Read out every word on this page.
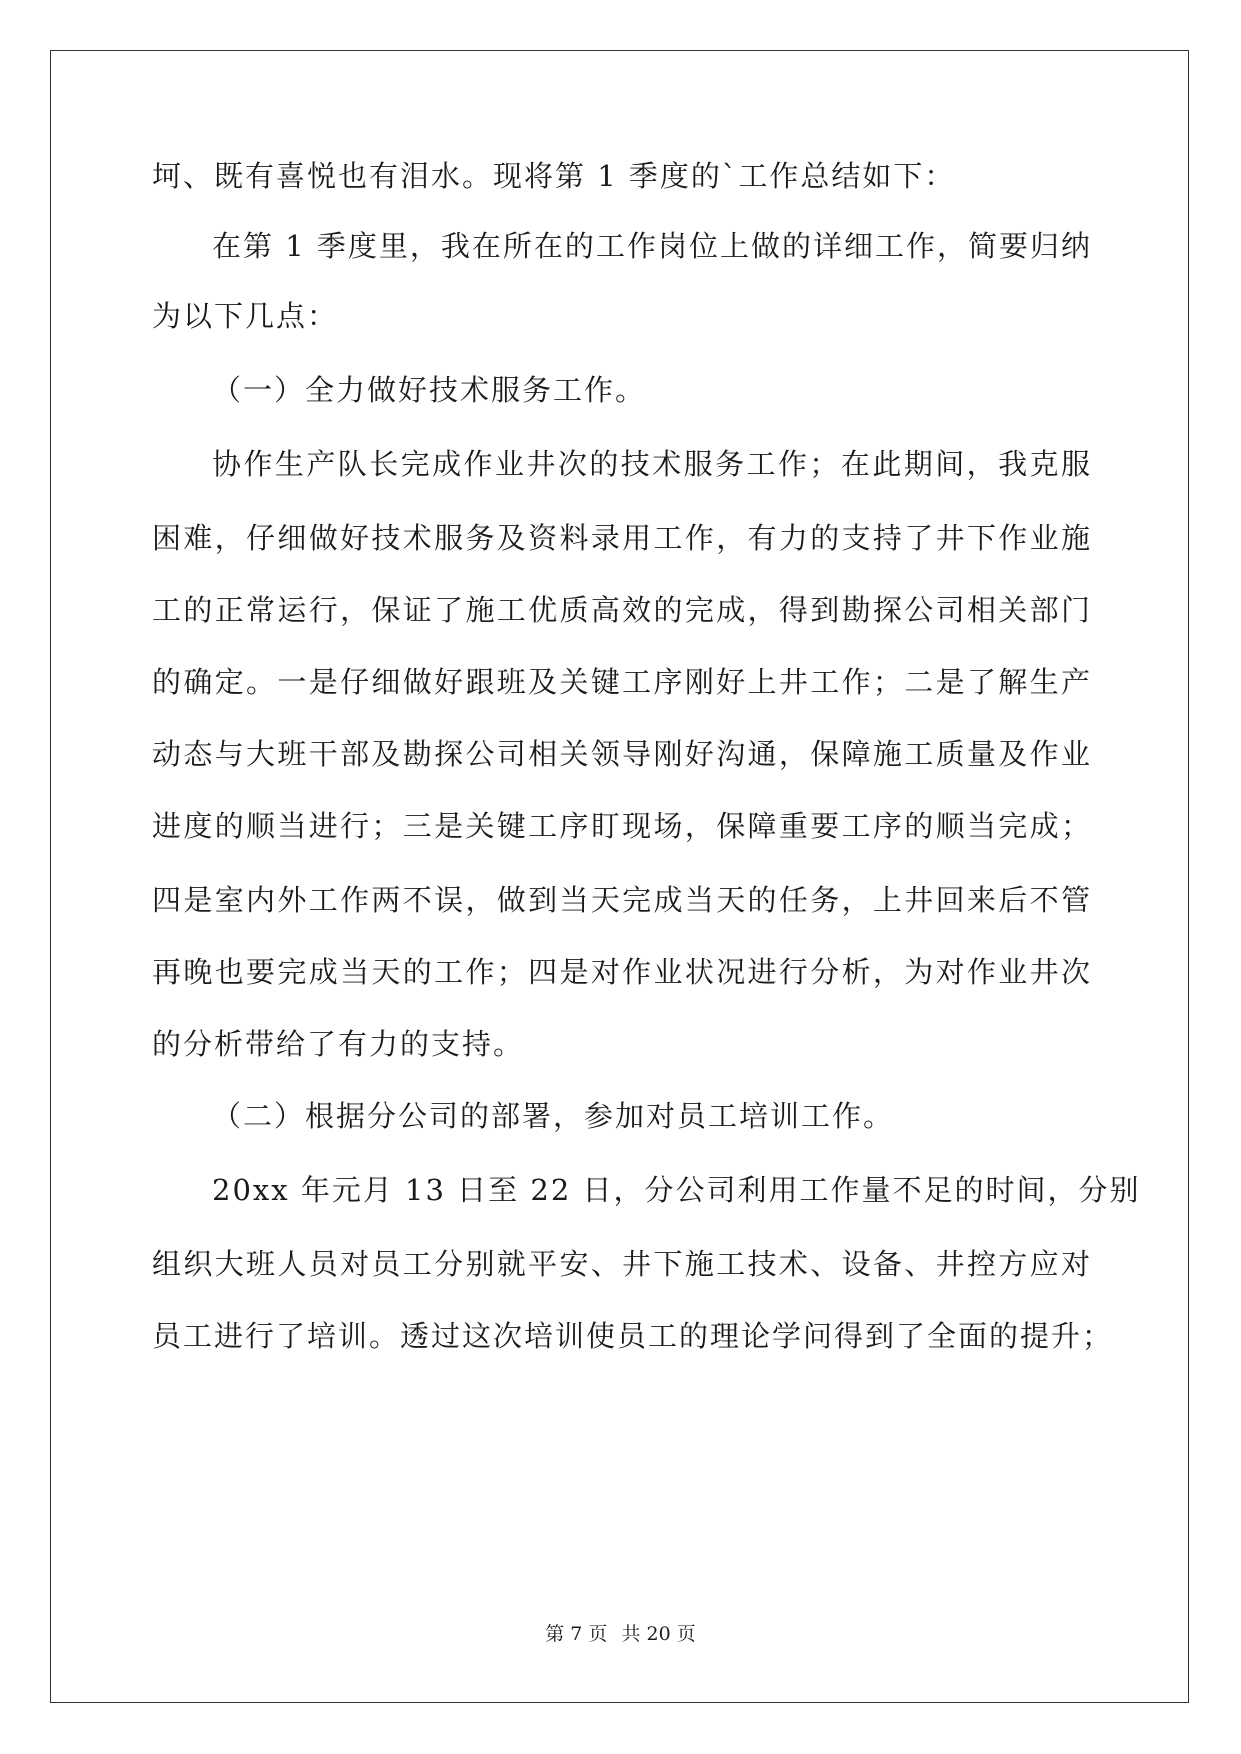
坷、既有喜悦也有泪水。现将第 1 季度的`工作总结如下：
在第 1 季度里，我在所在的工作岗位上做的详细工作，简要归纳
为以下几点：
（一）全力做好技术服务工作。
协作生产队长完成作业井次的技术服务工作；在此期间，我克服
困难，仔细做好技术服务及资料录用工作，有力的支持了井下作业施
工的正常运行，保证了施工优质高效的完成，得到勘探公司相关部门
的确定。一是仔细做好跟班及关键工序刚好上井工作；二是了解生产
动态与大班干部及勘探公司相关领导刚好沟通，保障施工质量及作业
进度的顺当进行；三是关键工序盯现场，保障重要工序的顺当完成；
四是室内外工作两不误，做到当天完成当天的任务，上井回来后不管
再晚也要完成当天的工作；四是对作业状况进行分析，为对作业井次
的分析带给了有力的支持。
（二）根据分公司的部署，参加对员工培训工作。
20xx 年元月 13 日至 22 日，分公司利用工作量不足的时间，分别
组织大班人员对员工分别就平安、井下施工技术、设备、井控方应对
员工进行了培训。透过这次培训使员工的理论学问得到了全面的提升；
第 7 页 共 20 页
